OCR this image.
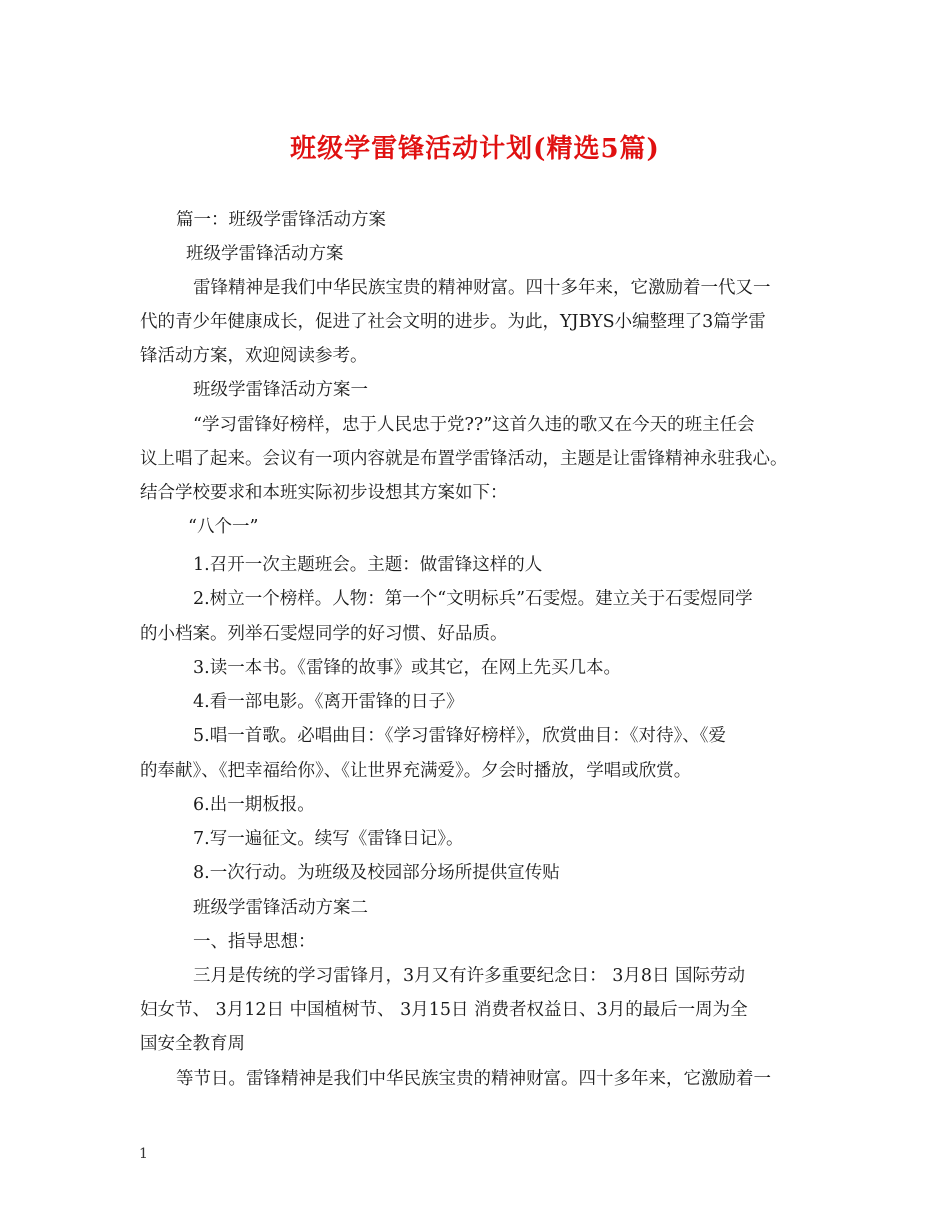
班级学雷锋活动计划(精选5篇)
篇一：班级学雷锋活动方案
班级学雷锋活动方案
雷锋精神是我们中华民族宝贵的精神财富。四十多年来，它激励着一代又一
代的青少年健康成长，促进了社会文明的进步。为此，YJBYS小编整理了3篇学雷
锋活动方案，欢迎阅读参考。
班级学雷锋活动方案一
“学习雷锋好榜样，忠于人民忠于党??”这首久违的歌又在今天的班主任会
议上唱了起来。会议有一项内容就是布置学雷锋活动，主题是让雷锋精神永驻我心。
结合学校要求和本班实际初步设想其方案如下：
“八个一”
1.召开一次主题班会。主题：做雷锋这样的人
2.树立一个榜样。人物：第一个“文明标兵”石雯煜。建立关于石雯煜同学
的小档案。列举石雯煜同学的好习惯、好品质。
3.读一本书。《雷锋的故事》或其它，在网上先买几本。
4.看一部电影。《离开雷锋的日子》
5.唱一首歌。必唱曲目：《学习雷锋好榜样》，欣赏曲目：《对待》、《爱
的奉献》、《把幸福给你》、《让世界充满爱》。夕会时播放，学唱或欣赏。
6.出一期板报。
7.写一遍征文。续写《雷锋日记》。
8.一次行动。为班级及校园部分场所提供宣传贴
班级学雷锋活动方案二
一、指导思想：
三月是传统的学习雷锋月，3月又有许多重要纪念日： 3月8日 国际劳动
妇女节、 3月12日 中国植树节、 3月15日 消费者权益日、3月的最后一周为全
国安全教育周
等节日。雷锋精神是我们中华民族宝贵的精神财富。四十多年来，它激励着一
1
